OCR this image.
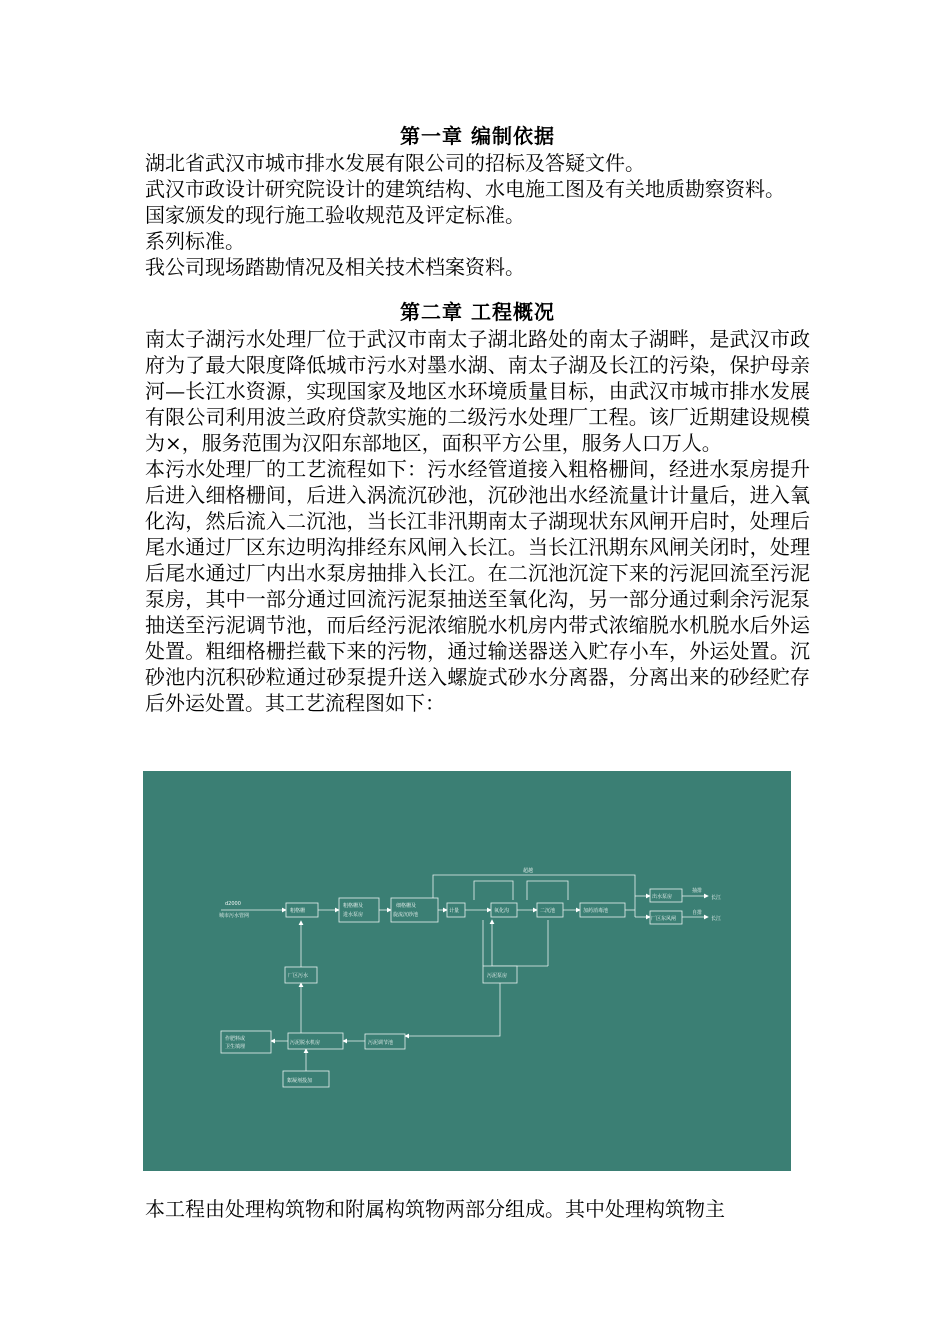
第一章 编制依据

湖北省武汉市城市排水发展有限公司的招标及答疑文件。

武汉市政设计研究院设计的建筑结构、水电施工图及有关地质勘察资料。

国家颁发的现行施工验收规范及评定标准。

系列标准。

我公司现场踏勘情况及相关技术档案资料。

第二章 工程概况

南太子湖污水处理厂位于武汉市南太子湖北路处的南太子湖畔，是武汉市政府为了最大限度降低城市污水对墨水湖、南太子湖及长江的污染，保护母亲河—长江水资源，实现国家及地区水环境质量目标，由武汉市城市排水发展有限公司利用波兰政府贷款实施的二级污水处理厂工程。该厂近期建设规模为×，服务范围为汉阳东部地区，面积平方公里，服务人口万人。

本污水处理厂的工艺流程如下：污水经管道接入粗格栅间，经进水泵房提升后进入细格栅间，后进入涡流沉砂池，沉砂池出水经流量计计量后，进入氧化沟，然后流入二沉池，当长江非汛期南太子湖现状东风闸开启时，处理后尾水通过厂区东边明沟排经东风闸入长江。当长江汛期东风闸关闭时，处理后尾水通过厂内出水泵房抽排入长江。在二沉池沉淀下来的污泥回流至污泥泵房，其中一部分通过回流污泥泵抽送至氧化沟，另一部分通过剩余污泥泵抽送至污泥调节池，而后经污泥浓缩脱水机房内带式浓缩脱水机脱水后外运处置。粗细格栅拦截下来的污物，通过输送器送入贮存小车，外运处置。沉砂池内沉积砂粒通过砂泵提升送入螺旋式砂水分离器，分离出来的砂经贮存后外运处置。其工艺流程图如下：

d2000
城市污水管网
粗格栅
粗格栅及
进水泵房
细格栅及
旋流沉砂池
计量	氧化沟	二沉池	加药消毒池
出水泵房
厂区东风闸
污泥泵房
厂区污水
污泥调节池
污泥脱水机房
作肥料或
卫生填埋
絮凝剂投加
超越
抽排
自排
长江
长江

本工程由处理构筑物和附属构筑物两部分组成。其中处理构筑物主
